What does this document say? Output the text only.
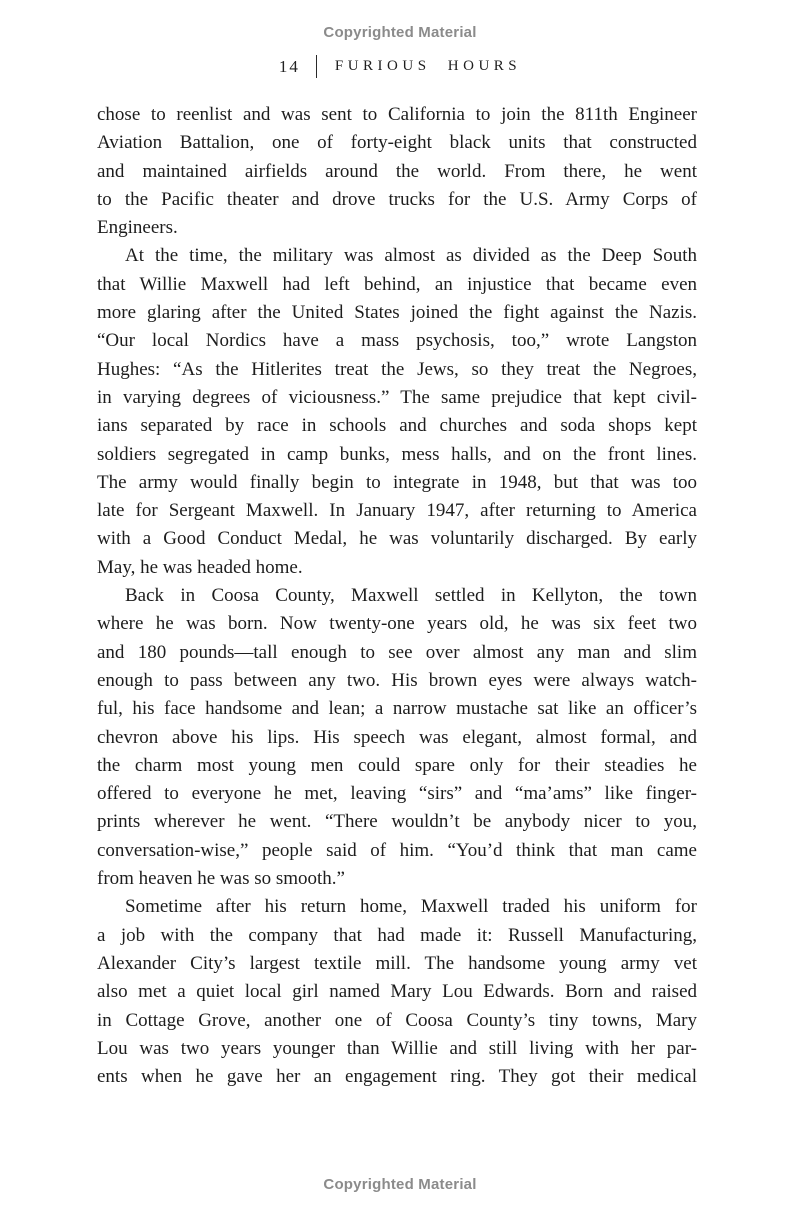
Copyrighted Material
14 FURIOUS HOURS

chose to reenlist and was sent to California to join the 811th Engineer
Aviation Battalion, one of forty-eight black units that constructed
and maintained airfields around the world. From there, he went
to the Pacific theater and drove trucks for the U.S. Army Corps of
Engineers.

At the time, the military was almost as divided as the Deep South
that Willie Maxwell had left behind, an injustice that became even
more glaring after the United States joined the fight against the Nazis.
“Our local Nordics have a mass psychosis, too,” wrote Langston
Hughes: “As the Hitlerites treat the Jews, so they treat the Negroes,
in varying degrees of viciousness.” The same prejudice that kept civil-
ians separated by race in schools and churches and soda shops kept
soldiers segregated in camp bunks, mess halls, and on the front lines.
The army would finally begin to integrate in 1948, but that was too
late for Sergeant Maxwell. In January 1947, after returning to America
with a Good Conduct Medal, he was voluntarily discharged. By early
May, he was headed home.

Back in Coosa County, Maxwell settled in Kellyton, the town
where he was born. Now twenty-one years old, he was six feet two
and 180 pounds—tall enough to see over almost any man and slim
enough to pass between any two. His brown eyes were always watch-
ful, his face handsome and lean; a narrow mustache sat like an officer’s
chevron above his lips. His speech was elegant, almost formal, and
the charm most young men could spare only for their steadies he
offered to everyone he met, leaving “sirs” and “ma’ams” like finger-
prints wherever he went. “There wouldn’t be anybody nicer to you,
conversation-wise,” people said of him. “You’d think that man came
from heaven he was so smooth.”

Sometime after his return home, Maxwell traded his uniform for
a job with the company that had made it: Russell Manufacturing,
Alexander City’s largest textile mill. The handsome young army vet
also met a quiet local girl named Mary Lou Edwards. Born and raised
in Cottage Grove, another one of Coosa County’s tiny towns, Mary
Lou was two years younger than Willie and still living with her par-
ents when he gave her an engagement ring. They got their medical

Copyrighted Material
